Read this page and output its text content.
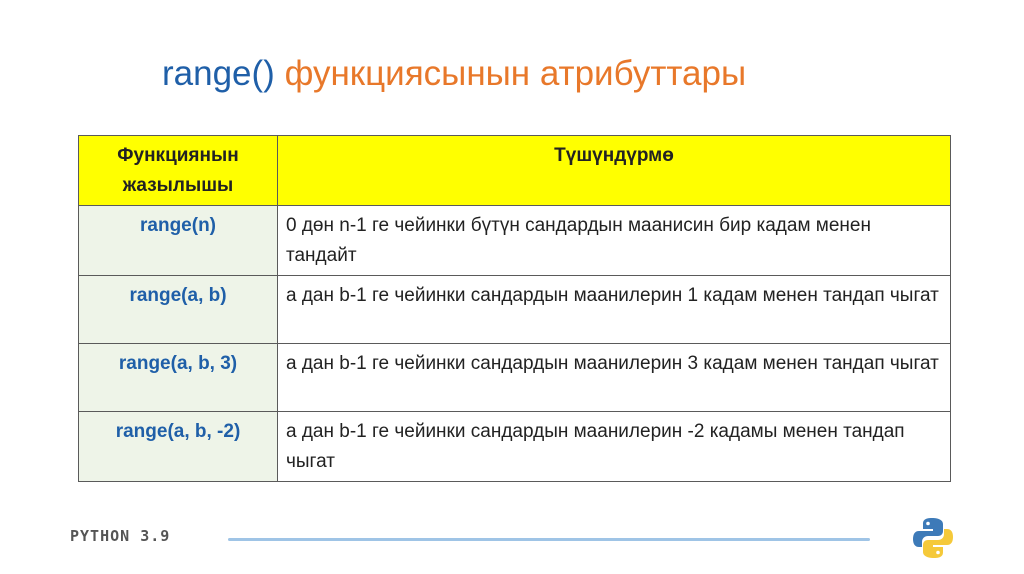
range() функциясынын атрибуттары
Функциянын жазылышы	Түшүндүрмө
range(n)	0 дөн n-1 ге чейинки бүтүн сандардын маанисин бир кадам менен тандайт
range(a, b)	а дан b-1 ге чейинки сандардын маанилерин 1 кадам менен тандап чыгат
range(a, b, 3)	а дан b-1 ге чейинки сандардын маанилерин 3 кадам менен тандап чыгат
range(a, b, -2)	а дан b-1 ге чейинки сандардын маанилерин -2 кадамы менен тандап чыгат
PYTHON 3.9
